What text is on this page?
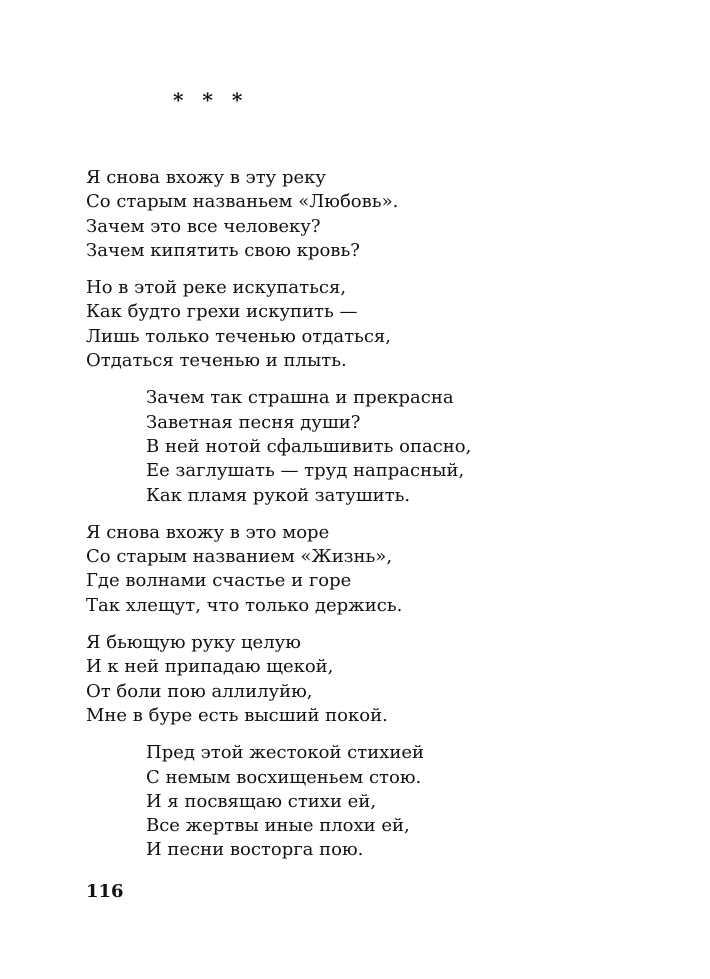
* * *
Я снова вхожу в эту реку
Со старым названьем «Любовь».
Зачем это все человеку?
Зачем кипятить свою кровь?
Но в этой реке искупаться,
Как будто грехи искупить —
Лишь только теченью отдаться,
Отдаться теченью и плыть.
Зачем так страшна и прекрасна
Заветная песня души?
В ней нотой сфальшивить опасно,
Ее заглушать — труд напрасный,
Как пламя рукой затушить.
Я снова вхожу в это море
Со старым названием «Жизнь»,
Где волнами счастье и горе
Так хлещут, что только держись.
Я бьющую руку целую
И к ней припадаю щекой,
От боли пою аллилуйю,
Мне в буре есть высший покой.
Пред этой жестокой стихией
С немым восхищеньем стою.
И я посвящаю стихи ей,
Все жертвы иные плохи ей,
И песни восторга пою.
116
